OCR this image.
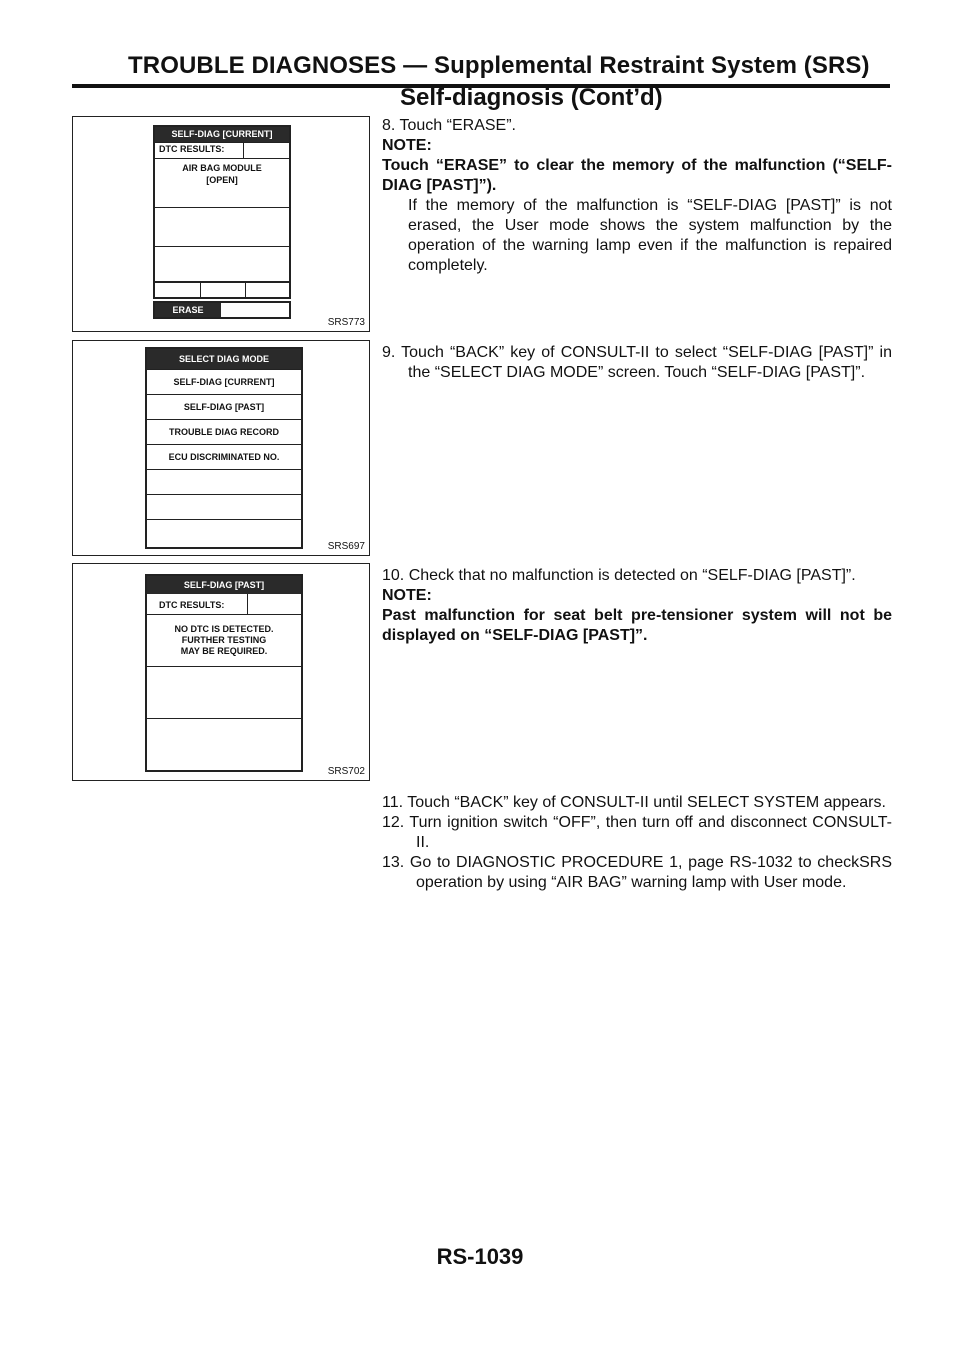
TROUBLE DIAGNOSES — Supplemental Restraint System (SRS)
Self-diagnosis (Cont’d)
SELF-DIAG [CURRENT]
DTC RESULTS:
AIR BAG MODULE
[OPEN]
ERASE
SRS773
SELECT DIAG MODE
SELF-DIAG [CURRENT]
SELF-DIAG [PAST]
TROUBLE DIAG RECORD
ECU DISCRIMINATED NO.
SRS697
SELF-DIAG [PAST]
DTC RESULTS:
NO DTC IS DETECTED.
FURTHER TESTING
MAY BE REQUIRED.
SRS702

8. Touch “ERASE”.

NOTE:

Touch “ERASE” to clear the memory of the malfunction (“SELF-DIAG [PAST]”).

If the memory of the malfunction is “SELF-DIAG [PAST]” is not erased, the User mode shows the system malfunction by the operation of the warning lamp even if the malfunction is repaired completely.

9. Touch “BACK” key of CONSULT-II to select “SELF-DIAG [PAST]” in the “SELECT DIAG MODE” screen. Touch “SELF-DIAG [PAST]”.

10. Check that no malfunction is detected on “SELF-DIAG [PAST]”.

NOTE:

Past malfunction for seat belt pre-tensioner system will not be displayed on “SELF-DIAG [PAST]”.

11. Touch “BACK” key of CONSULT-II until SELECT SYSTEM appears.

12. Turn ignition switch “OFF”, then turn off and disconnect CONSULT-II.

13. Go to DIAGNOSTIC PROCEDURE 1, page RS-1032 to checkSRS operation by using “AIR BAG” warning lamp with User mode.

RS-1039
